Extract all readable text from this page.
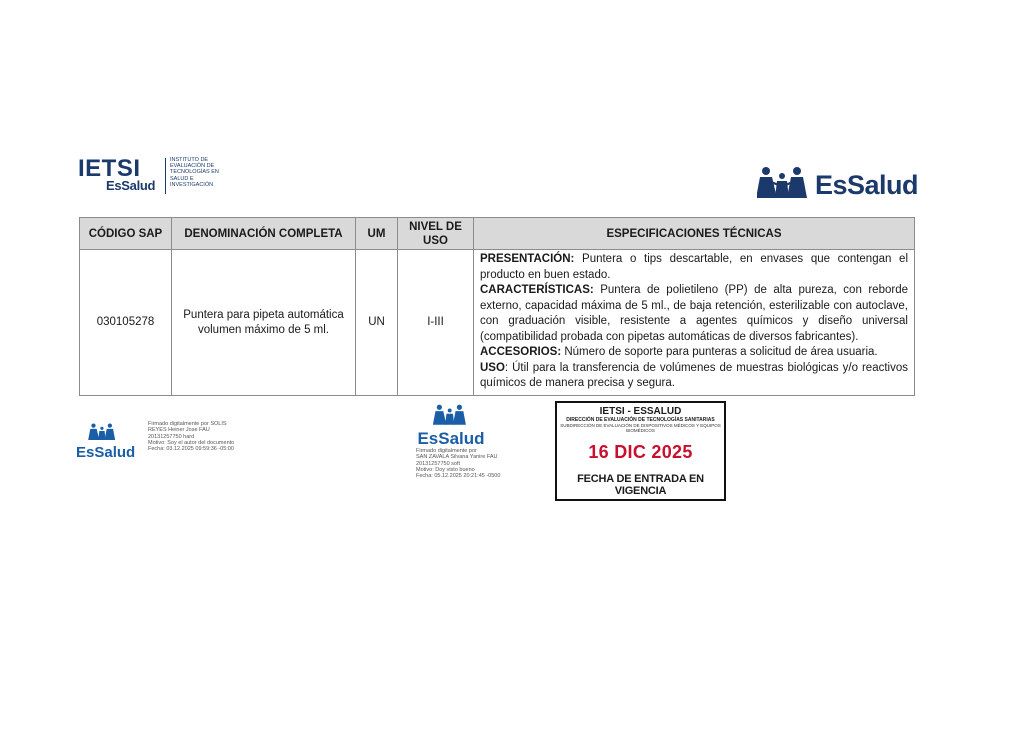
IETSI
EsSalud
INSTITUTO DE
EVALUACIÓN DE
TECNOLOGÍAS EN
SALUD E
INVESTIGACIÓN	EsSalud
CÓDIGO SAP	DENOMINACIÓN COMPLETA	UM	NIVEL DE USO	ESPECIFICACIONES TÉCNICAS
030105278	Puntera para pipeta automática volumen máximo de 5 ml.	UN	I-III	PRESENTACIÓN: Puntera o tips descartable, en envases que contengan el producto en buen estado.
CARACTERÍSTICAS: Puntera de polietileno (PP) de alta pureza, con reborde externo, capacidad máxima de 5 ml., de baja retención, esterilizable con autoclave, con graduación visible, resistente a agentes químicos y diseño universal (compatibilidad probada con pipetas automáticas de diversos fabricantes).
ACCESORIOS: Número de soporte para punteras a solicitud de área usuaria.
USO: Útil para la transferencia de volúmenes de muestras biológicas y/o reactivos químicos de manera precisa y segura.
EsSalud
Firmado digitalmente por SOLIS
REYES Heiner Jose FAU
20131257750 hard
Motivo: Soy el autor del documento
Fecha: 03.12.2025 09:59:36 -05:00
EsSalud
Firmado digitalmente por
SAN ZAVALA Silvana Yanire FAU
20131257750 soft
Motivo: Doy visto bueno
Fecha: 05.12.2025 20:21:45 -0500
IETSI - ESSALUD
DIRECCIÓN DE EVALUACIÓN DE TECNOLOGÍAS SANITARIAS
SUBDIRECCIÓN DE EVALUACIÓN DE DISPOSITIVOS MÉDICOS Y EQUIPOS BIOMÉDICOS
16 DIC 2025
FECHA DE ENTRADA EN VIGENCIA
